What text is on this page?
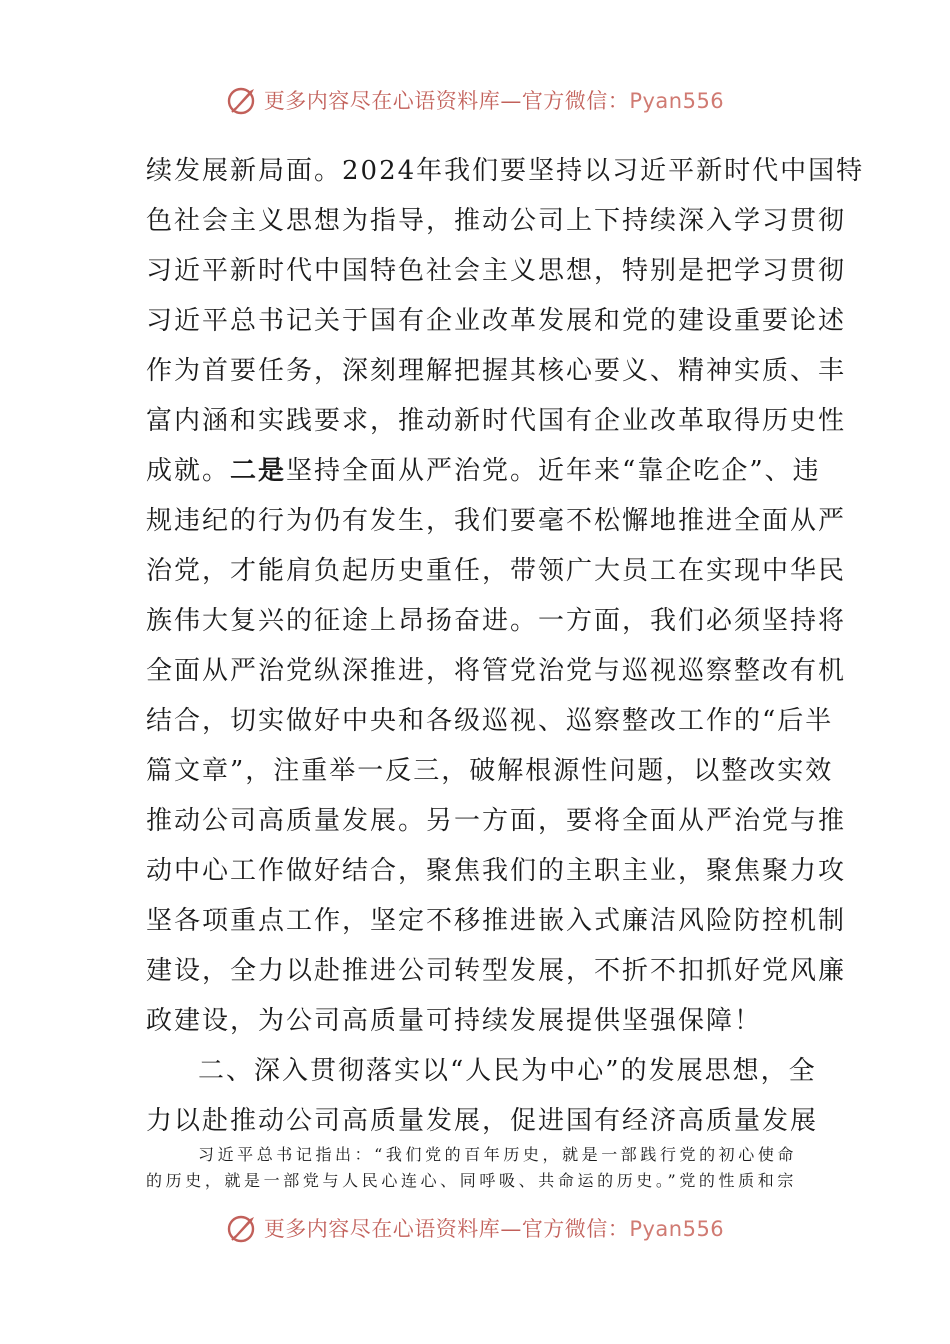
更多内容尽在心语资料库—官方微信：Pyan556
续发展新局面。2024年我们要坚持以习近平新时代中国特
色社会主义思想为指导，推动公司上下持续深入学习贯彻
习近平新时代中国特色社会主义思想，特别是把学习贯彻
习近平总书记关于国有企业改革发展和党的建设重要论述
作为首要任务，深刻理解把握其核心要义、精神实质、丰
富内涵和实践要求，推动新时代国有企业改革取得历史性
成就。二是坚持全面从严治党。近年来“靠企吃企”、违
规违纪的行为仍有发生，我们要毫不松懈地推进全面从严
治党，才能肩负起历史重任，带领广大员工在实现中华民
族伟大复兴的征途上昂扬奋进。一方面，我们必须坚持将
全面从严治党纵深推进，将管党治党与巡视巡察整改有机
结合，切实做好中央和各级巡视、巡察整改工作的“后半
篇文章”，注重举一反三，破解根源性问题，以整改实效
推动公司高质量发展。另一方面，要将全面从严治党与推
动中心工作做好结合，聚焦我们的主职主业，聚焦聚力攻
坚各项重点工作，坚定不移推进嵌入式廉洁风险防控机制
建设，全力以赴推进公司转型发展，不折不扣抓好党风廉
政建设，为公司高质量可持续发展提供坚强保障！
二、深入贯彻落实以“人民为中心”的发展思想，全
力以赴推动公司高质量发展，促进国有经济高质量发展
习近平总书记指出：“我们党的百年历史，就是一部践行党的初心使命
的历史，就是一部党与人民心连心、同呼吸、共命运的历史。”党的性质和宗
更多内容尽在心语资料库—官方微信：Pyan556
